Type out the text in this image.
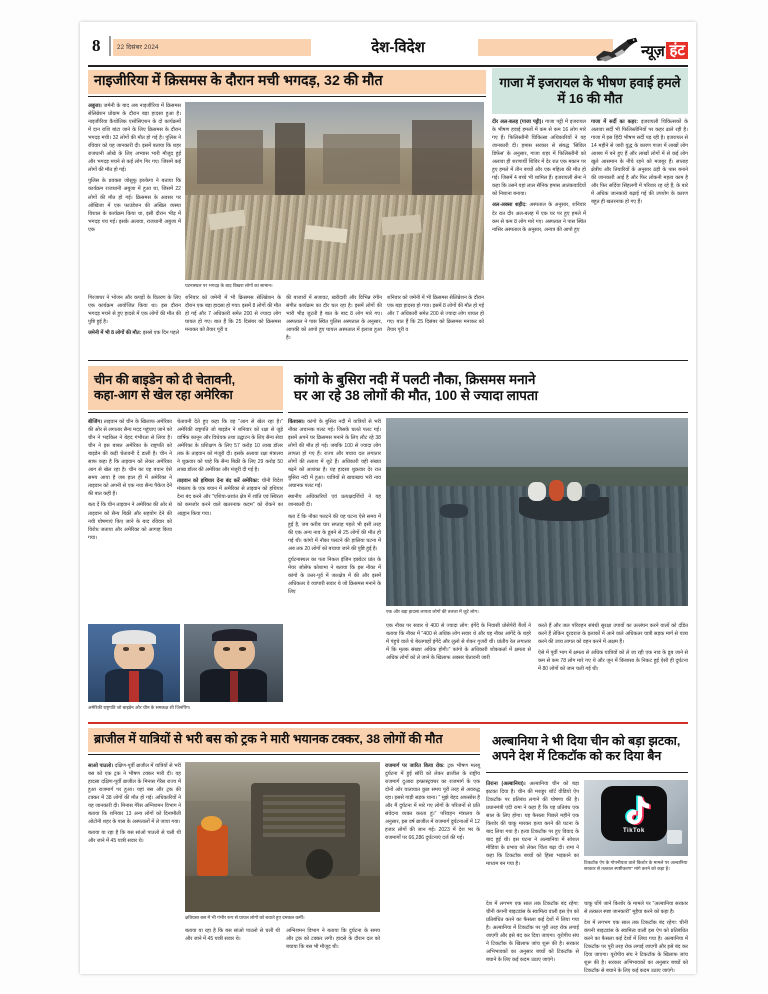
8	22 दिसंबर 2024	देश-विदेश	न्यूज़ हंट
नाइजीरिया में क्रिसमस के दौरान मची भगदड़, 32 की मौत	गाजा में इजरायल के भीषण हवाई हमले में 16 की मौत
घटनास्थल पर भगदड़ के बाद बिखरा लोगों का सामान।

अबुजा। जमेनी के बाद अब नाइजीरिया में क्रिसमस सेलिब्रेशन प्रोग्राम के दौरान बड़ा हादसा हुआ है। नाइजीरिया कैथोलिक एसोसिएशन के दो कार्यक्रमों में दान राशि बांटा जाने के लिए क्रिसमस के दौरान भगदड़ मची। 32 लोगों की मौत हो गई है। पुलिस ने रविवार को यह जानकारी दी। इसमें बताया कि शहर राजधानी ओखे के लिए अभ्यास भारी मौजूद हुई और भगदड़ मचने से कई लोग गिर गए। जिसमें कई लोगों की मौत हो गई।

पुलिस के प्रवक्ता जोसुफु इरुकेगा ने बताया कि कार्यक्रम राजधानी अबुजा में हुआ था, जिसमें 22 लोगों की मौत हो गई। क्रिसमस के अवसर पर ओखिजा में एक फाउंडेशन की अखिल व्यस्था विशाल के कार्यक्रम किया था, इसी दौरान भीड़ में भगदड़ पच गई। इसके अलावा, राजधानी अबुजा में एक

गिरजाघर ने भोजन और कपड़ों के वितरण के लिए एक कार्यक्रम आयोजित किया था। इस दौरान भगदड़ मचने से हुए हादसे में एक लोगों की मौत की पुष्टि हुई है।

जमेनी में भी 8 लोगों की मौत: इससे एक दिन पहले

शनिवार को जमेनी में भी क्रिसमस सेलिब्रेशन के दौरान एक बड़ा हादसा हो गया। इसमें 8 लोगों की मौत हो गई और 7 अधिकारी समेत 200 से ज्यादा लोग घायल हो गए। बात हैं कि 25 दिसंबर को क्रिसमस मनाकर को तैयार पूरी व

की बाजारों में सजावट, खरीदारी और विभिन्न रंगीन संगीत कार्यक्रम का दौर चल रहा है। इसमें लोगों की भारी भीड़ जुटती है बात के बाद 8 लोग मारे गए। अस्पताल ने पास स्थित पुलिस अस्पताल के अनुसार, आपकी को आपो हुए घायल अस्पताल में इलाज हुआ है।

शनिवार को जमेनी में भी क्रिसमस सेलिब्रेशन के दौरान एक बड़ा हादसा हो गया। इसमें 8 लोगों की मौत हो गई और 7 अधिकारी समेत 200 से ज्यादा लोग घायल हो गए। बात हैं कि 25 दिसंबर को क्रिसमस मनाकर को तैयार पूरी व

दीर अल-बलह (गाजा पट्टी)। गाजा पट्टी में इजरायल के भीषण हवाई हमलों में कम से कम 16 लोग मारे गए हैं। फिलिस्तीनी चिकित्सा अधिकारियों ने यह जानकारी दी। हमास सरकार से संबद्ध 'सिविल डिफेंस' के अनुसार, गाजा शहर में फिलिस्तीनी को अलावा ही शरणार्थी शिविर में देर रात एक मकान पर हुए हमले में तीन बच्चों और एक महिला की मौत हो गई। जिसमें 4 बच्चे भी शामिल हैं। इजरायली सेना ने कहा कि उसने यहां लाल सैनिक हमास आतंकवादियों को निशाना बनाया।

अल-अक्सा शहीद: अस्पताल के अनुसार, शनिवार देर रात दीर अल-बलह में एक घर पर हुए हमले में कम से कम 8 लोग मारे गए। अस्पताल ने पास स्थित नासिर अस्पताल के अनुसार, अन्यत्र की आपो हुए

गाजा में सर्दी का कहर: इजरायली चिकित्सकों के अलावा सर्दी भी फिलिस्तीनियों पर कहर ढाले रही है। गाजा में इस हिंदी भीषण सर्दी पड़ रही है। इजरायल से 14 महीने से जारी युद्ध के कारण गाजा में लाखों लोग आश्रय में बने हुए हैं और लाखों लोगों में से कई लोग खुले आसमान के नीचे रहने को मजबूर हैं। सप्ताह क्षेत्रीय और तियारियों के अनुसार ठंड़ी के पास बनाने की जानकारी आई है और फिर लोकनी महत्व काम है और फिर सर्दिया सिंहलगी में परिवार रह रहे हैं, के बारे में अधिक जानकारी बढ़ाई गई की उपयोग के कारण बहुत ही खतरनाक हो गए हैं।

चीन की बाइडेन को दी चेतावनी,
कहा-आग से खेल रहा अमेरिका
कांगो के बुसिरा नदी में पलटी नौका, क्रिसमस मनाने
घर आ रहे 38 लोगों की मौत, 100 से ज्यादा लापता

बीजिंग। ताइवान को चीन के खिलाफ अमेरिका की ओर से लगातार सैन्य मदद पहुंचाए जाने को चीन ने भड़किल ने बेहद गंभीरता से लिया है। चीन ने इस बाबत अमेरिका के राष्ट्रपति को बाइडेन की कड़ी चेतावनी दे डाली है। चीन ने साफ कहा है कि ताइवान को लेकर अमेरिका आग से खेल रहा है। चीन का यह बयान ऐसे समय आया है जब हाल ही में अमेरिका ने ताइवान को अपनी से एक नया सैन्य पैकेज देने की बात कही है।

बता दें कि चीन ताइवान ने अमेरिका की ओर से ताइवान को सैन्य बिक्री और सहयोग देने की नयी घोषणाएं किए जाने के बाद रविवार को विरोध जताया और अमेरिका को आगाह किया गया।

चेतावनी देते हुए कहा कि वह "आग से खेल रहा है।" अमेरिकी राष्ट्रपति जो बाइडेन ने शनिवार को रक्षा से जुड़े वार्षिक कानून और विधेयक तथा उद्घाटन के लिए सैन्य सेवा अमेरिका के प्रशिक्षण के लिए 57 करोड़ 10 लाख डॉलर तक के ताइवान को मंजूरी दी। इसके अलावा रक्षा मंत्रालय ने शुक्रवार को चाहे कि सैन्य बिक्री के लिए 29 करोड़ 50 लाख डॉलर की अमेरिका और मंजूरी दी गई है।

ताइवान को हथियार देना बंद करें अमेरिका: चीनी विदेश मंत्रालय के एक बयान में अमेरिका से ताइवान को हथियार देना बंद करने और "एशिया-प्रशांत क्षेत्र में शांति एवं स्थिरता को कमजोर करने वाले खतरनाक कदम" को रोकने का आह्वान किया गया।

अमेरिकी राष्ट्रपति जो बाइडेन और चीन के समकक्ष शी जिनपिंग।

किंशासा। कांगो के बुसिरा नदी में यात्रियों से भरी नौका अचानक पलट गई। जिसके चलते पलट गई। इसमें अपने घर क्रिसमस मनाने के लिए लौट रहे 38 लोगों की मौत हो गई। जबकि 100 से ज्यादा लोग लापता हो गए हैं। राज्य और बचाव दल लगातार लोगों की तलाश में जुटे हैं। अधिकारी यही संख्या बढ़ने को आशंका है। यह हादसा शुक्रवार देर रात बुसिरा नदी में हुआ। यात्रियों से खचाखच भरी नाव अचानक पलट गई।

स्थानीय अधिकारियों एवं प्रत्यक्षदर्शियों ने यह जानकारी दी।

बता दें कि नौका पलटने की यह घटना ऐसे समय में हुई है, जब करीब चार सप्ताह पहले भी इसी तरह की एक अन्य नाव के डूबने से 25 लोगों की मौत हो गई थी। कांगो में नौका पलटने की हालिया घटना में अब तक 20 लोगों को बचाया जाने की पुष्टि हुई है।

दुर्घटनास्थल का पता निकल इंजिन इक्वेटर प्रांत के मेयर जोसेफ कोशामा ने बताया कि इस नौका में कांगो के उत्तर-पूर्व में जलक्षेत्र में की और इसमें अधिकतर वे व्यापारी सवार थे जो क्रिसमस मनाने के लिए

एक और बड़ा हादसा लापता लोगों की तलाश में जुटे लोग।

एक नौका पर सवार थे 400 से ज्यादा लोग: इंगेंदे के निवासी प्रोसेपेरी बैंजों ने बताया कि नौका में "400 से अधिक लोग सवार थे और यह नौका आंगेंदे के शहरे में पंहुचे वाले थे बेरतगाहों इंगेंदे और लुलो से शेकर गुजरी थी। प्रांतीय रेल लगातार में कि मृतक संख्या अधिक होगी।" कांगो के अधिकारी शोककर्ता में क्षमता से अधिक लोगों को ले जाने के खिलाफ अक्सर चेतावनी जारी

करते हैं और जल परिवहन संबंधी सुरक्षा उपायों का उल्लंघन करने वालों को दंडित करने हैं लेकिन दूरदराज के इलाकों में आने वाले अधिकतर यात्री सड़क मार्ग से यात्रा करने की उच्च लागत को वहन करने में अक्षम हैं।

ऐसे में पूर्वी भाग में क्षमता से अधिक यात्रियों को ले जा रही एक नाव के डूब जाने से कम से कम 78 लोग मारे गए थे और जून में किंशासा के निकट हुई ऐसी ही दुर्घटना में 80 लोगों को जान चली गई थी।

ब्राजील में यात्रियों से भरी बस को ट्रक ने मारी भयानक टक्कर, 38 लोगों की मौत	अल्बानिया ने भी दिया चीन को बड़ा झटका,
अपने देश में टिकटॉक को कर दिया बैन

साओ पाउलो। दक्षिण-पूर्वी ब्राजील में यात्रियों से भरी बस को एक ट्रक ने भीषण टक्कर मारी दी। यह हादसा दक्षिण-पूर्वी ब्राजील के मिनास गेरैस राज्य में हुआ राजमार्ग पर हुआ। यहां बस और ट्रक की टक्कर में 38 लोगों की मौत हो गई। अधिकारियों ने यह जानकारी दी। मिनास गेरैस अग्निशमन विभाग ने बताया कि शनिवार 13 अन्य लोगों को दिनामौली ओटोनी शहर के पास के अस्पतालों में ले जाया गया।

बताया या रहा है कि बस सांओ पाउलो से चली थी और जाने में 45 यात्री सवार थे।

क्षतिग्रस्त बस में भी गंभीर रूप से घायल लोगों को बचाते हुए दमकल कर्मी।

अग्निशमन विभाग ने बताया कि दुर्घटना के समय और ट्रक को टक्कर लगी। हादसे के दौरान दल को बचाया कि बस भी मौजूद थी।

राजमार्ग पर जारित किया रोक: ट्रक भीषण मलबू दुर्घटना में हुई सॉरी को लेकर ब्राजील के राष्ट्रीय राजमार्ग दुआरा इन्फ्रास्ट्रक्चर का राजमार्ग के एक दोनों ओर यातायात कुछ समय पूरी तरह से अवरुद्ध रहा। इससे गाड़ी सड़क थाना। " मुझे बेहद अफसोस है और मैं दुर्घटना में मारे गए लोगों के परिजनों से प्रति संवेदना व्यक्त करता हूं।" परिवहन मंत्रालय के अनुसार, इस वर्ष ब्राजील में राजमार्ग दुर्घटनाओं में 12 हजार लोगों की जान गई। 2023 में देश भर के राजमार्गों पर 66,286 दुर्घटनाएं दर्ज की गई।

बताया या रहा है कि बस सांओ पाउलो से चली थी और जाने में 45 यात्री सवार थे।

तिराना (अल्बानिया)। अल्बानिया चीन को बड़ा झटका दिया है। चीन की मशहूर शॉर्ट वीडियो ऐप टिकटॉक पर प्रतिबंध लगाने की घोषणा की है। प्रधानमंत्री एदी रामा ने कहा है कि यह प्रतिबंध एक साल के लिए होगा। यह फैसला पिछले महीने एक किशोर की चाकू मारकर हत्या करने की घटना के बाद लिया गया है। हत्या टिकटॉक पर हुए विवाद के बाद हुई थी। इस घटना ने अल्बानिया में सोशल मीडिया के प्रभाव को लेकर चिंता बढ़ा दी। रामा ने कहा कि टिकटॉक बच्चों को हिंसा भड़काने का माध्यम बन गया है।

TikTok
टिकटॉक ऐप के गोपनीयता वाले किशोर के मामले पर अल्बानिया सरकार से तत्काल स्पष्टीकरण" मांगे करने को कहा है।

चाकू घोंपे जाने किशोर के मामले पर "अल्बानिया सरकार से तत्काल स्पष्ट जानकारी" मुहैया करने को कहा है।

देश में लगभग एक साल तक टिकटॉक बंद रहेगा: चीनी कंपनी बाइटडांस के स्वामित्व वाली इस ऐप को प्रतिबंधित करने का फैसला कई देशों में लिया गया है। अल्बानिया में टिकटॉक पर पूरी तरह रोक लगाई जाएगी और इसे बंद कर दिया जाएगा। यूरोपीय संघ ने टिकटॉक के खिलाफ जांच शुरू की है। सरकार अभिभावकों का अनुसार बच्चों को टिकटॉक से बचाने के लिए कई कदम उठाए जाएंगे।

देश में लगभग एक साल तक टिकटॉक बंद रहेगा: चीनी कंपनी बाइटडांस के स्वामित्व वाली इस ऐप को प्रतिबंधित करने का फैसला कई देशों में लिया गया है। अल्बानिया में टिकटॉक पर पूरी तरह रोक लगाई जाएगी और इसे बंद कर दिया जाएगा। यूरोपीय संघ ने टिकटॉक के खिलाफ जांच शुरू की है। सरकार अभिभावकों का अनुसार बच्चों को टिकटॉक से बचाने के लिए कई कदम उठाए जाएंगे।
